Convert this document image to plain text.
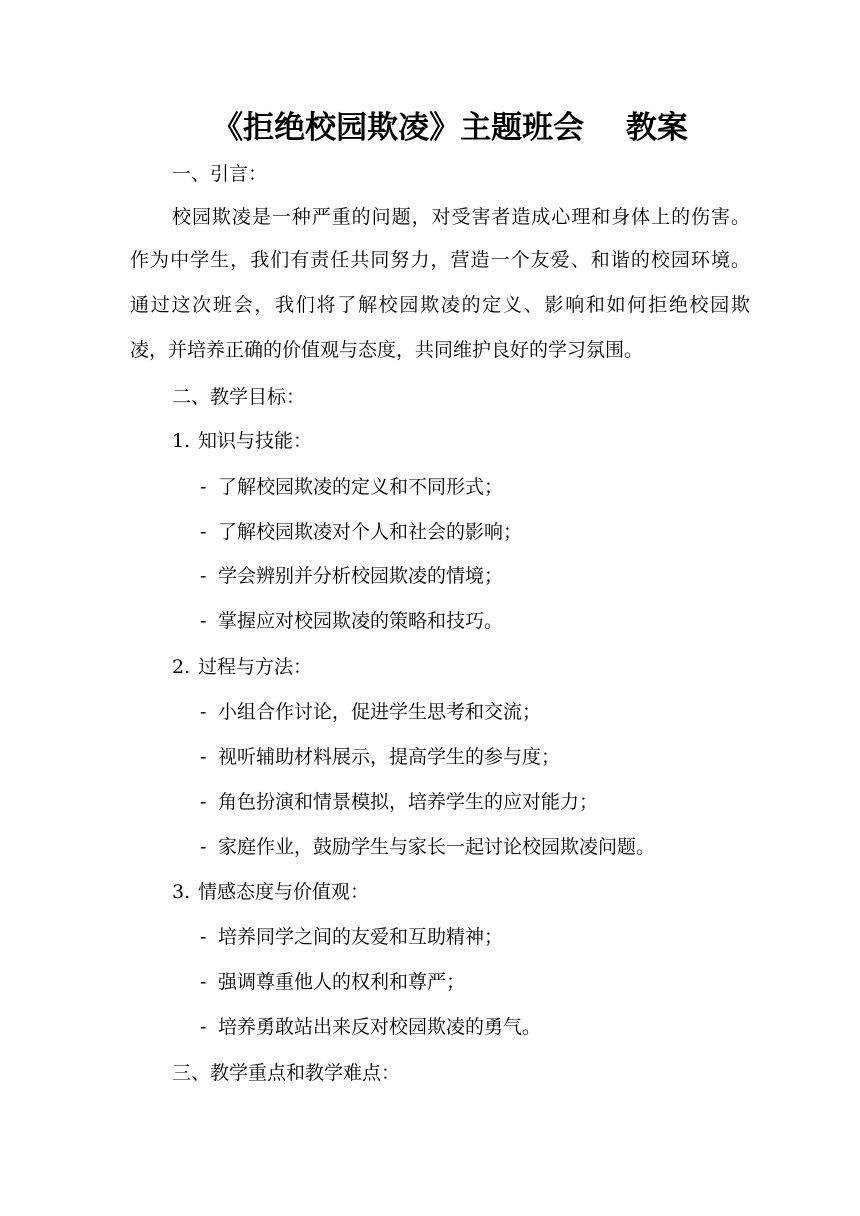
《拒绝校园欺凌》主题班会　 教案
一、引言：
校园欺凌是一种严重的问题，对受害者造成心理和身体上的伤害。
作为中学生，我们有责任共同努力，营造一个友爱、和谐的校园环境。
通过这次班会，我们将了解校园欺凌的定义、影响和如何拒绝校园欺
凌，并培养正确的价值观与态度，共同维护良好的学习氛围。
二、教学目标：
1. 知识与技能：
- 了解校园欺凌的定义和不同形式；
- 了解校园欺凌对个人和社会的影响；
- 学会辨别并分析校园欺凌的情境；
- 掌握应对校园欺凌的策略和技巧。
2. 过程与方法：
- 小组合作讨论，促进学生思考和交流；
- 视听辅助材料展示，提高学生的参与度；
- 角色扮演和情景模拟，培养学生的应对能力；
- 家庭作业，鼓励学生与家长一起讨论校园欺凌问题。
3. 情感态度与价值观：
- 培养同学之间的友爱和互助精神；
- 强调尊重他人的权利和尊严；
- 培养勇敢站出来反对校园欺凌的勇气。
三、教学重点和教学难点：
